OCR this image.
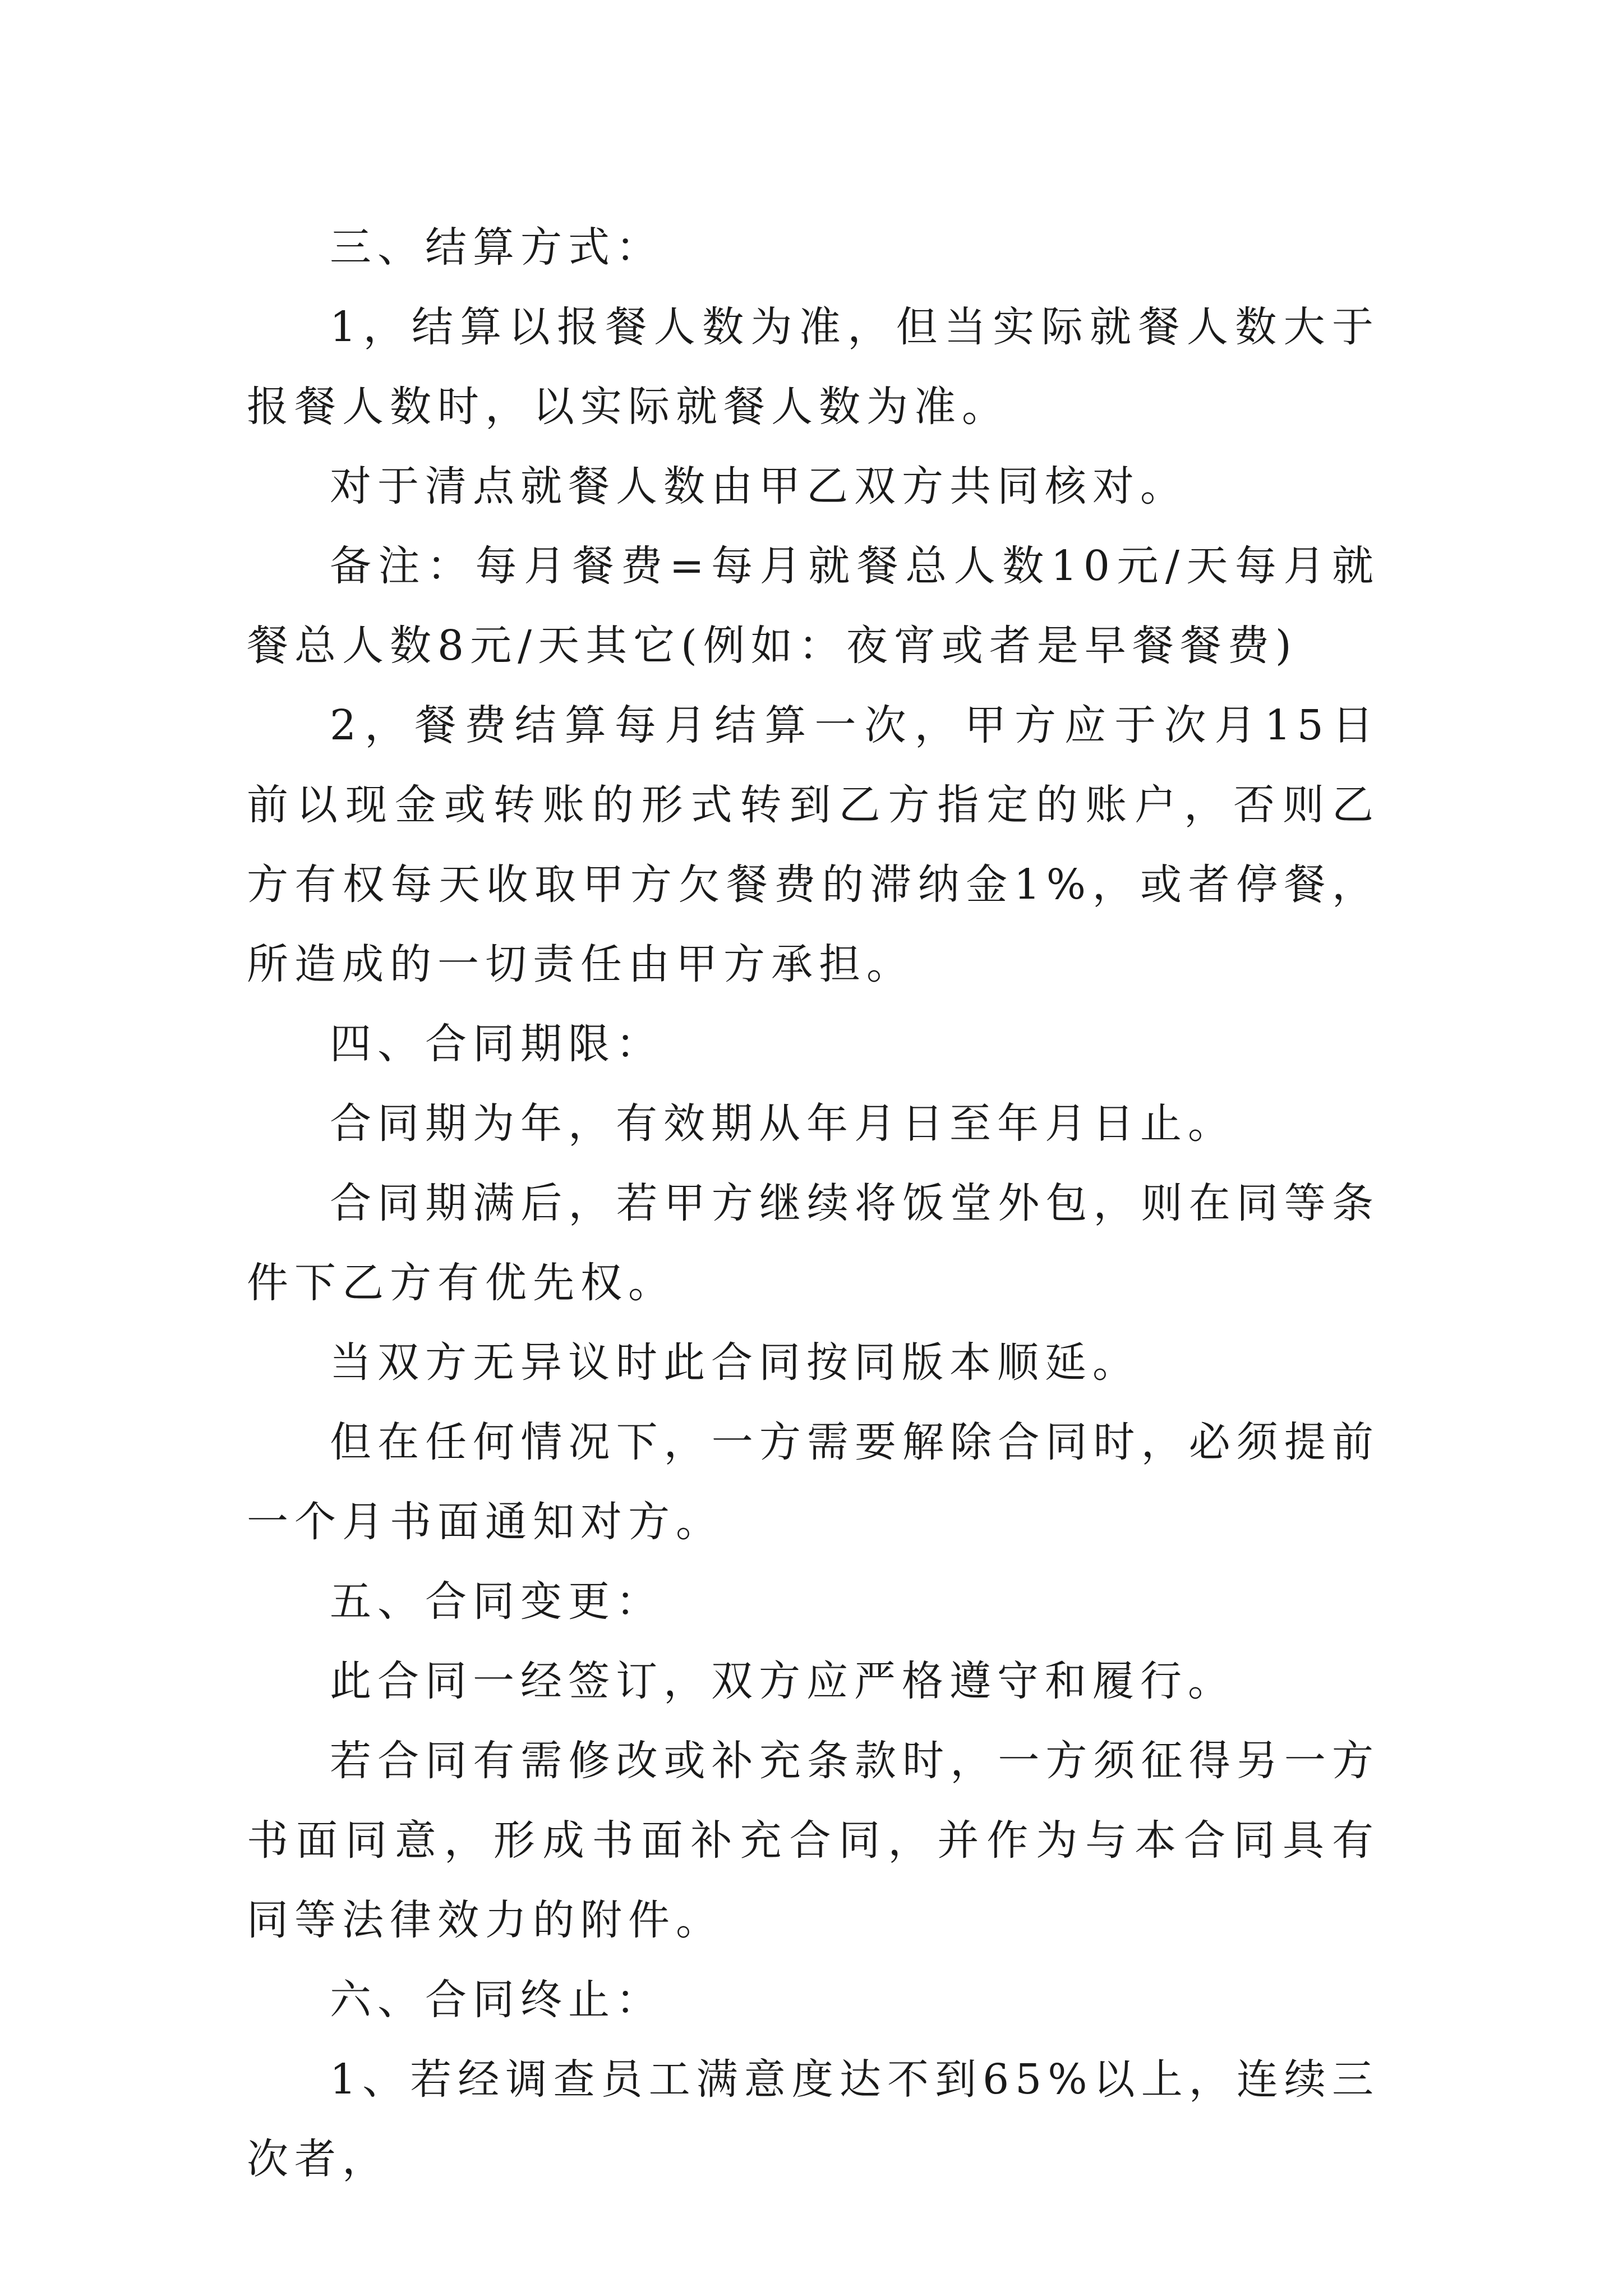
三、结算方式：

1，结算以报餐人数为准，但当实际就餐人数大于报餐人数时，以实际就餐人数为准。

对于清点就餐人数由甲乙双方共同核对。

备注：每月餐费=每月就餐总人数10元/天每月就餐总人数8元/天其它(例如：夜宵或者是早餐餐费)

2，餐费结算每月结算一次，甲方应于次月15日前以现金或转账的形式转到乙方指定的账户，否则乙方有权每天收取甲方欠餐费的滞纳金1%，或者停餐，所造成的一切责任由甲方承担。

四、合同期限：

合同期为年，有效期从年月日至年月日止。

合同期满后，若甲方继续将饭堂外包，则在同等条件下乙方有优先权。

当双方无异议时此合同按同版本顺延。

但在任何情况下，一方需要解除合同时，必须提前一个月书面通知对方。

五、合同变更：

此合同一经签订，双方应严格遵守和履行。

若合同有需修改或补充条款时，一方须征得另一方书面同意，形成书面补充合同，并作为与本合同具有同等法律效力的附件。

六、合同终止：

1、若经调查员工满意度达不到65%以上，连续三次者，
